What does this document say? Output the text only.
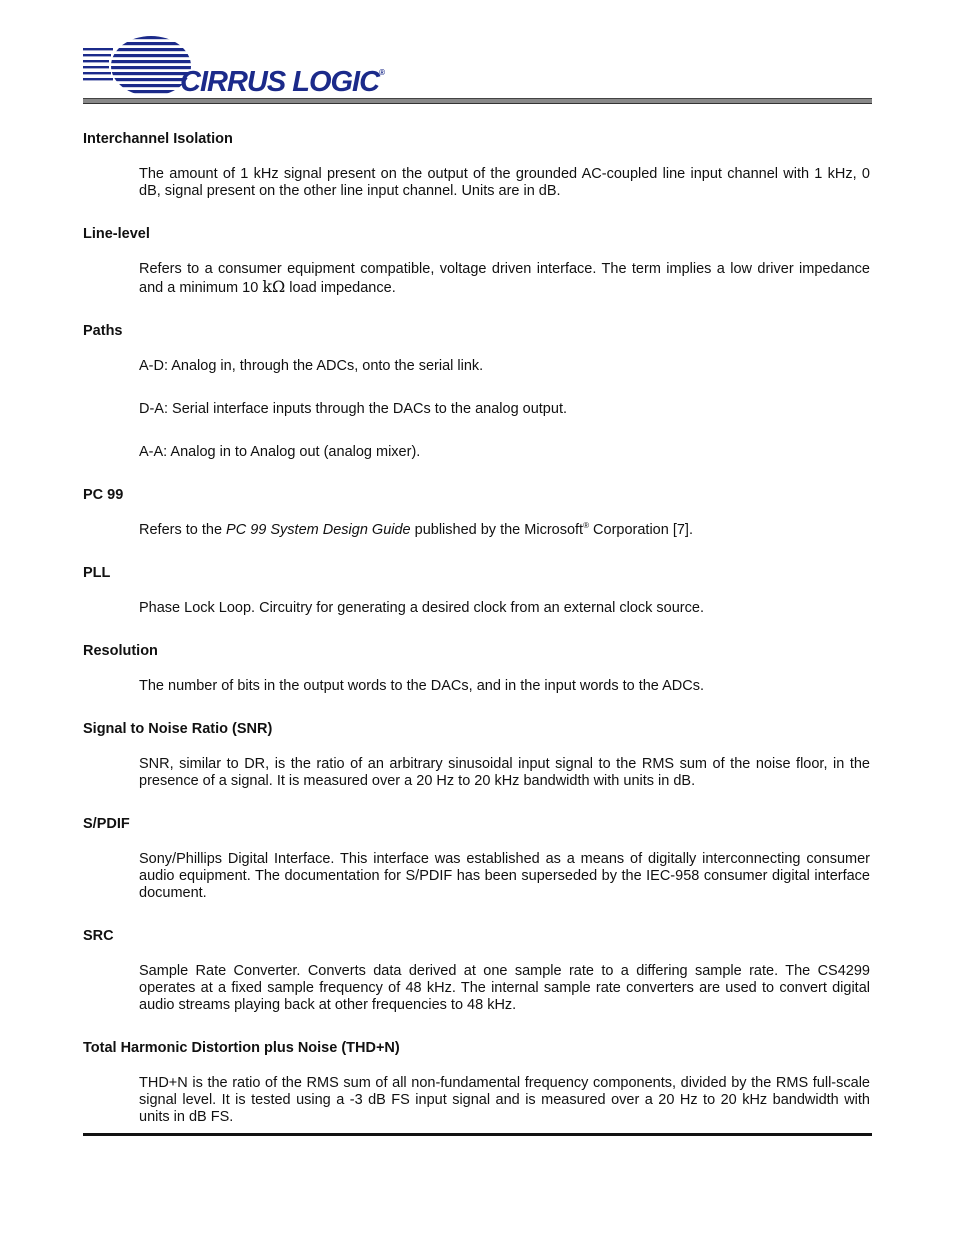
CIRRUS LOGIC®

Interchannel Isolation

The amount of 1 kHz signal present on the output of the grounded AC-coupled line input channel with 1 kHz, 0 dB, signal present on the other line input channel. Units are in dB.

Line-level

Refers to a consumer equipment compatible, voltage driven interface. The term implies a low driver impedance and a minimum 10 kΩ load impedance.

Paths

A-D: Analog in, through the ADCs, onto the serial link.

D-A: Serial interface inputs through the DACs to the analog output.

A-A: Analog in to Analog out (analog mixer).

PC 99

Refers to the PC 99 System Design Guide published by the Microsoft® Corporation [7].

PLL

Phase Lock Loop. Circuitry for generating a desired clock from an external clock source.

Resolution

The number of bits in the output words to the DACs, and in the input words to the ADCs.

Signal to Noise Ratio (SNR)

SNR, similar to DR, is the ratio of an arbitrary sinusoidal input signal to the RMS sum of the noise floor, in the presence of a signal. It is measured over a 20 Hz to 20 kHz bandwidth with units in dB.

S/PDIF

Sony/Phillips Digital Interface. This interface was established as a means of digitally interconnecting consumer audio equipment. The documentation for S/PDIF has been superseded by the IEC-958 consumer digital interface document.

SRC

Sample Rate Converter. Converts data derived at one sample rate to a differing sample rate. The CS4299 operates at a fixed sample frequency of 48 kHz. The internal sample rate converters are used to convert digital audio streams playing back at other frequencies to 48 kHz.

Total Harmonic Distortion plus Noise (THD+N)

THD+N is the ratio of the RMS sum of all non-fundamental frequency components, divided by the RMS full-scale signal level. It is tested using a -3 dB FS input signal and is measured over a 20 Hz to 20 kHz bandwidth with units in dB FS.
